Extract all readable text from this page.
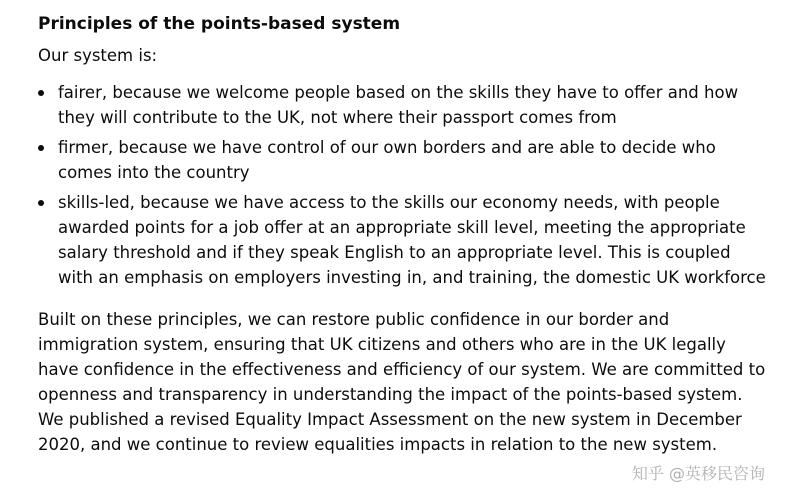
Principles of the points-based system

Our system is:

fairer, because we welcome people based on the skills they have to offer and how they will contribute to the UK, not where their passport comes from
firmer, because we have control of our own borders and are able to decide who comes into the country
skills-led, because we have access to the skills our economy needs, with people awarded points for a job offer at an appropriate skill level, meeting the appropriate salary threshold and if they speak English to an appropriate level. This is coupled with an emphasis on employers investing in, and training, the domestic UK workforce

Built on these principles, we can restore public confidence in our border and immigration system, ensuring that UK citizens and others who are in the UK legally have confidence in the effectiveness and efficiency of our system. We are committed to openness and transparency in understanding the impact of the points-based system. We published a revised Equality Impact Assessment on the new system in December 2020, and we continue to review equalities impacts in relation to the new system.

知乎 @英移民咨询
